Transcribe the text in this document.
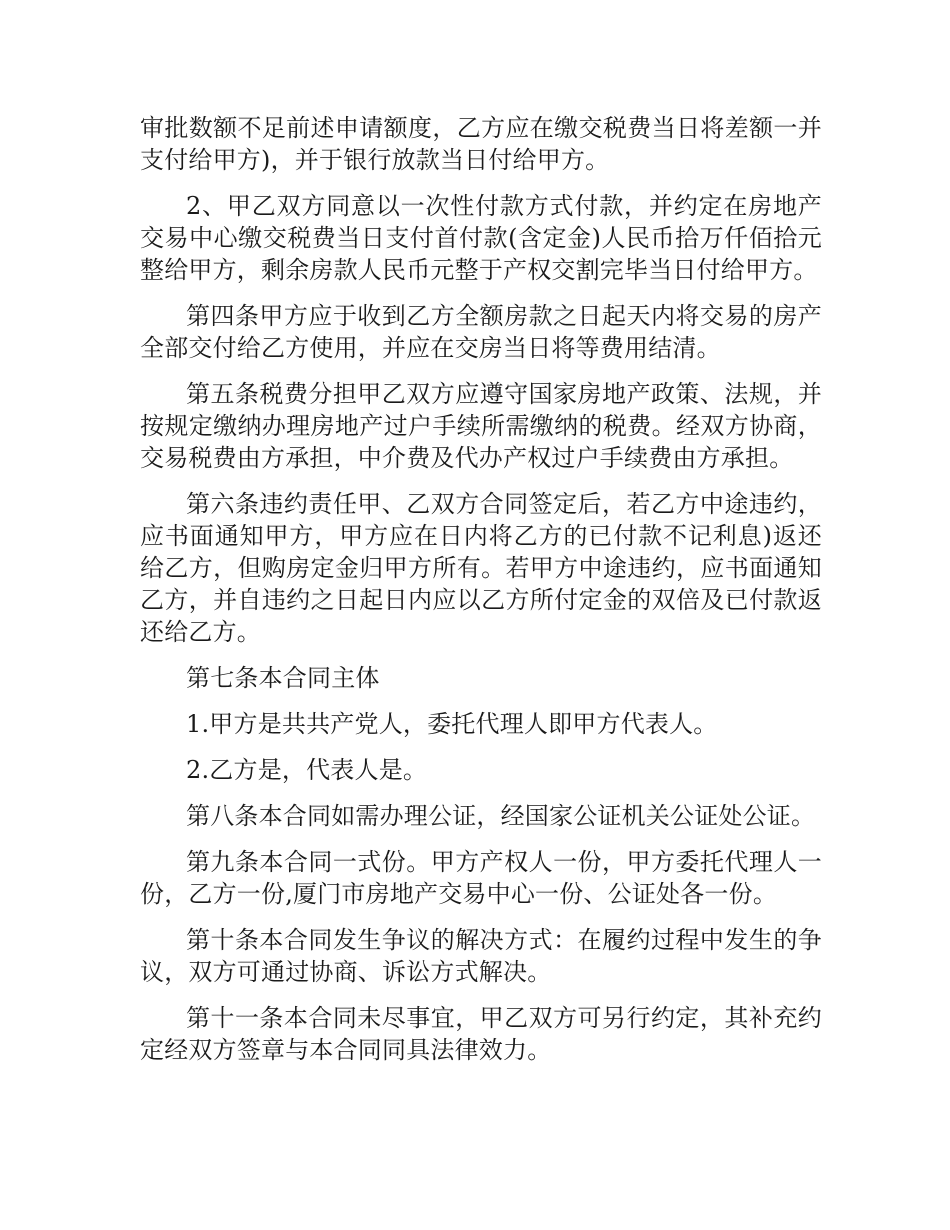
审批数额不足前述申请额度，乙方应在缴交税费当日将差额一并支付给甲方)，并于银行放款当日付给甲方。

2、甲乙双方同意以一次性付款方式付款，并约定在房地产交易中心缴交税费当日支付首付款(含定金)人民币拾万仟佰拾元整给甲方，剩余房款人民币元整于产权交割完毕当日付给甲方。

第四条甲方应于收到乙方全额房款之日起天内将交易的房产全部交付给乙方使用，并应在交房当日将等费用结清。

第五条税费分担甲乙双方应遵守国家房地产政策、法规，并按规定缴纳办理房地产过户手续所需缴纳的税费。经双方协商，交易税费由方承担，中介费及代办产权过户手续费由方承担。

第六条违约责任甲、乙双方合同签定后，若乙方中途违约，应书面通知甲方，甲方应在日内将乙方的已付款不记利息)返还给乙方，但购房定金归甲方所有。若甲方中途违约，应书面通知乙方，并自违约之日起日内应以乙方所付定金的双倍及已付款返还给乙方。

第七条本合同主体

1.甲方是共共产党人，委托代理人即甲方代表人。

2.乙方是，代表人是。

第八条本合同如需办理公证，经国家公证机关公证处公证。

第九条本合同一式份。甲方产权人一份，甲方委托代理人一份，乙方一份,厦门市房地产交易中心一份、公证处各一份。

第十条本合同发生争议的解决方式：在履约过程中发生的争议，双方可通过协商、诉讼方式解决。

第十一条本合同未尽事宜，甲乙双方可另行约定，其补充约定经双方签章与本合同同具法律效力。
